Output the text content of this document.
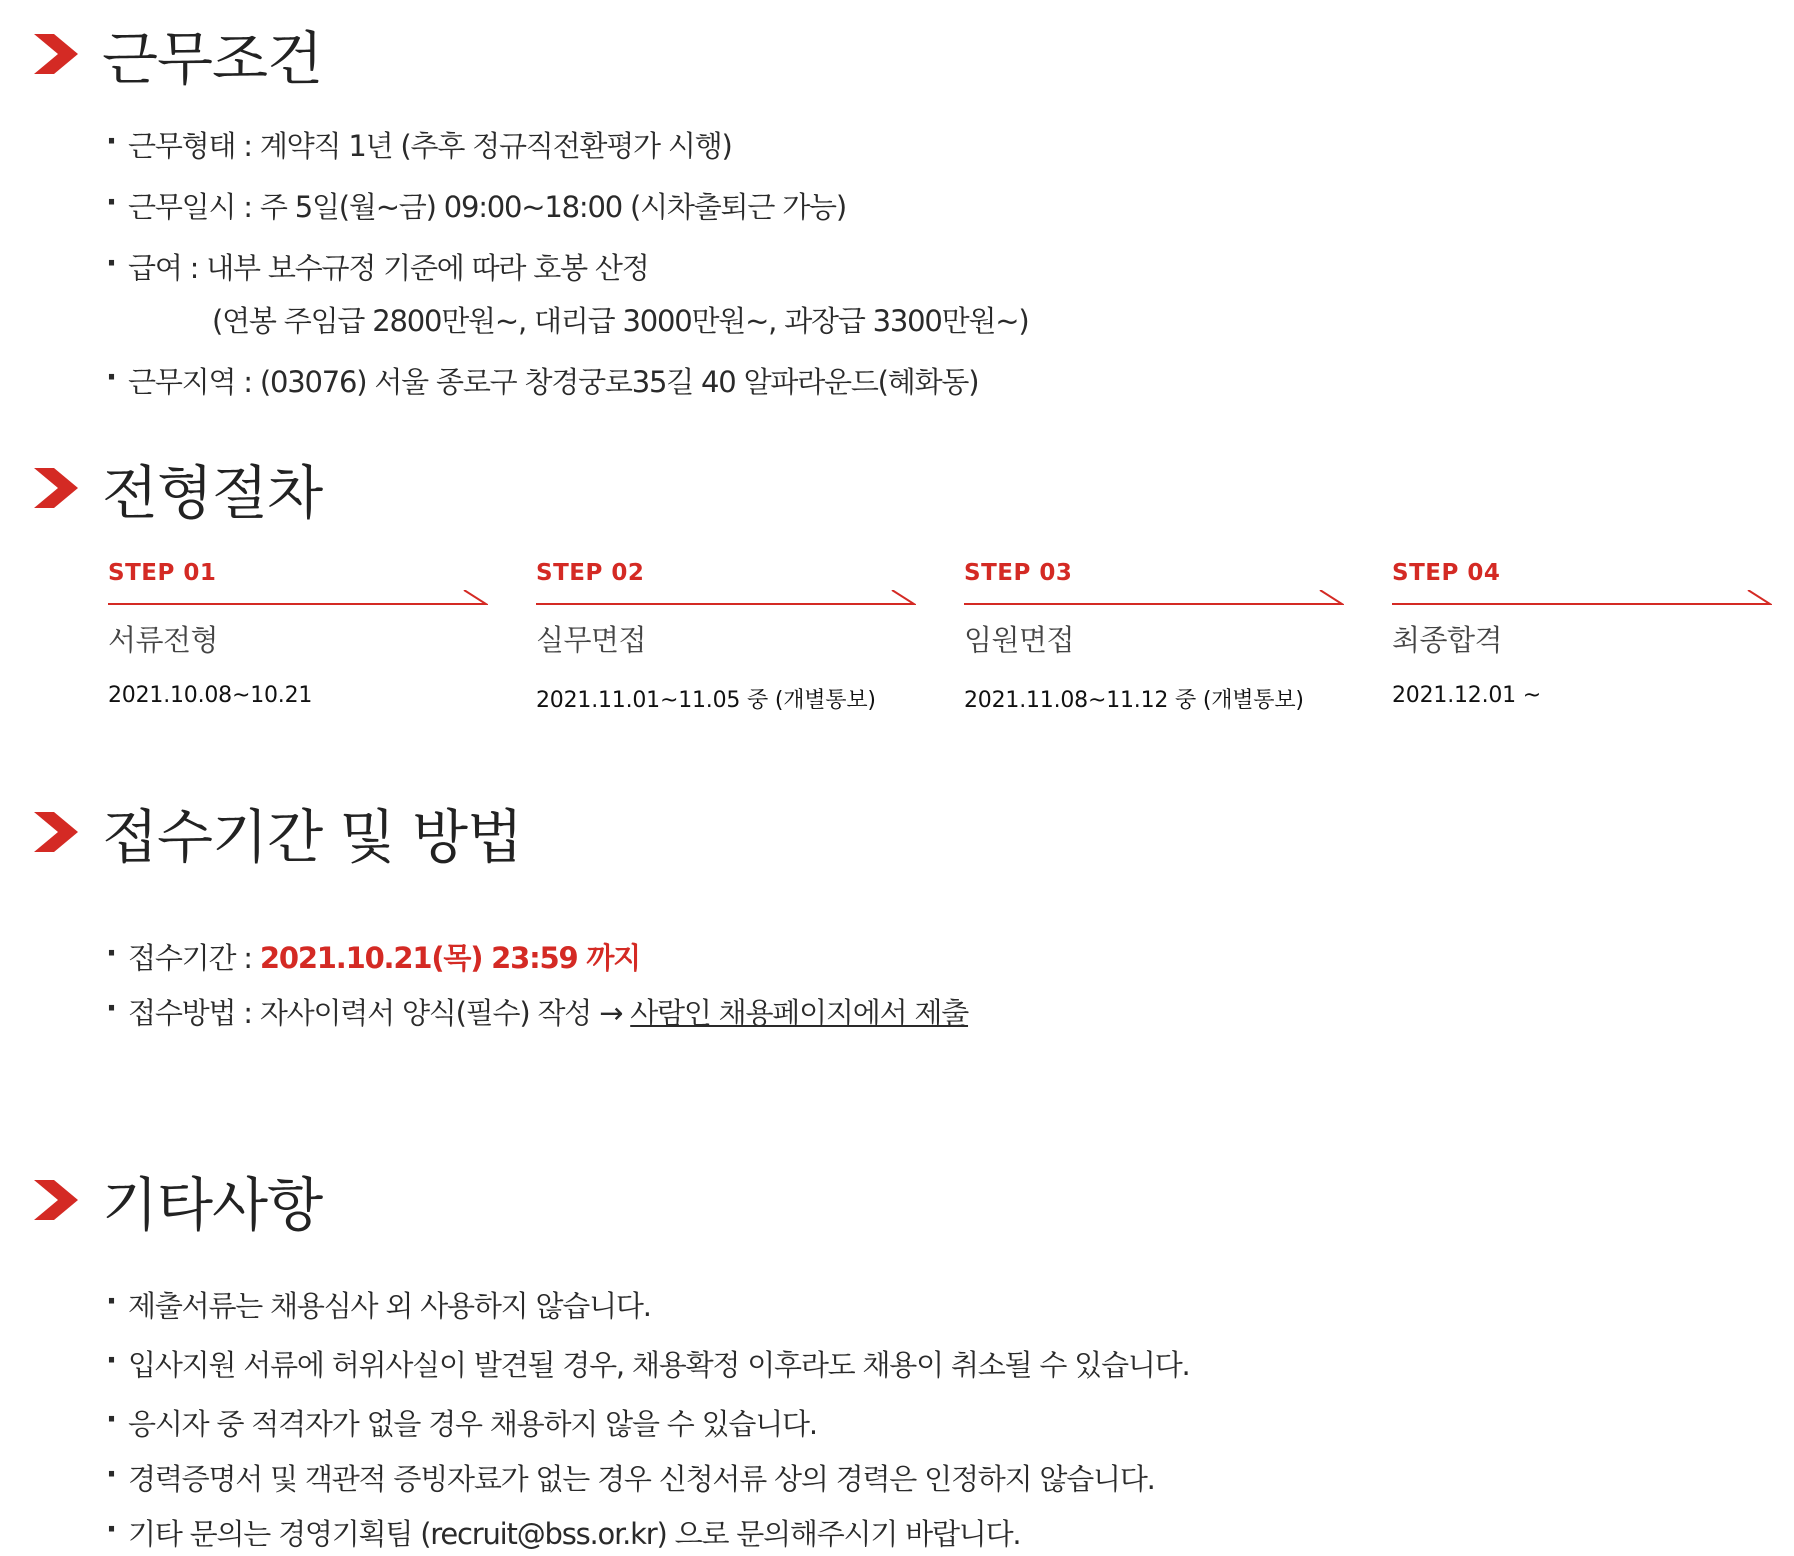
근무조건
· 근무형태 : 계약직 1년 (추후 정규직전환평가 시행)
· 근무일시 : 주 5일(월~금) 09:00~18:00 (시차출퇴근 가능)
· 급여 : 내부 보수규정 기준에 따라 호봉 산정
(연봉 주임급 2800만원~, 대리급 3000만원~, 과장급 3300만원~)
· 근무지역 : (03076) 서울 종로구 창경궁로35길 40 알파라운드(혜화동)
전형절차
STEP 01
서류전형
2021.10.08~10.21
STEP 02
실무면접
2021.11.01~11.05 중 (개별통보)
STEP 03
임원면접
2021.11.08~11.12 중 (개별통보)
STEP 04
최종합격
2021.12.01 ~
접수기간 및 방법
· 접수기간 : 2021.10.21(목) 23:59 까지
· 접수방법 : 자사이력서 양식(필수) 작성 → 사람인 채용페이지에서 제출
기타사항
· 제출서류는 채용심사 외 사용하지 않습니다.
· 입사지원 서류에 허위사실이 발견될 경우, 채용확정 이후라도 채용이 취소될 수 있습니다.
· 응시자 중 적격자가 없을 경우 채용하지 않을 수 있습니다.
· 경력증명서 및 객관적 증빙자료가 없는 경우 신청서류 상의 경력은 인정하지 않습니다.
· 기타 문의는 경영기획팀 (recruit@bss.or.kr) 으로 문의해주시기 바랍니다.
